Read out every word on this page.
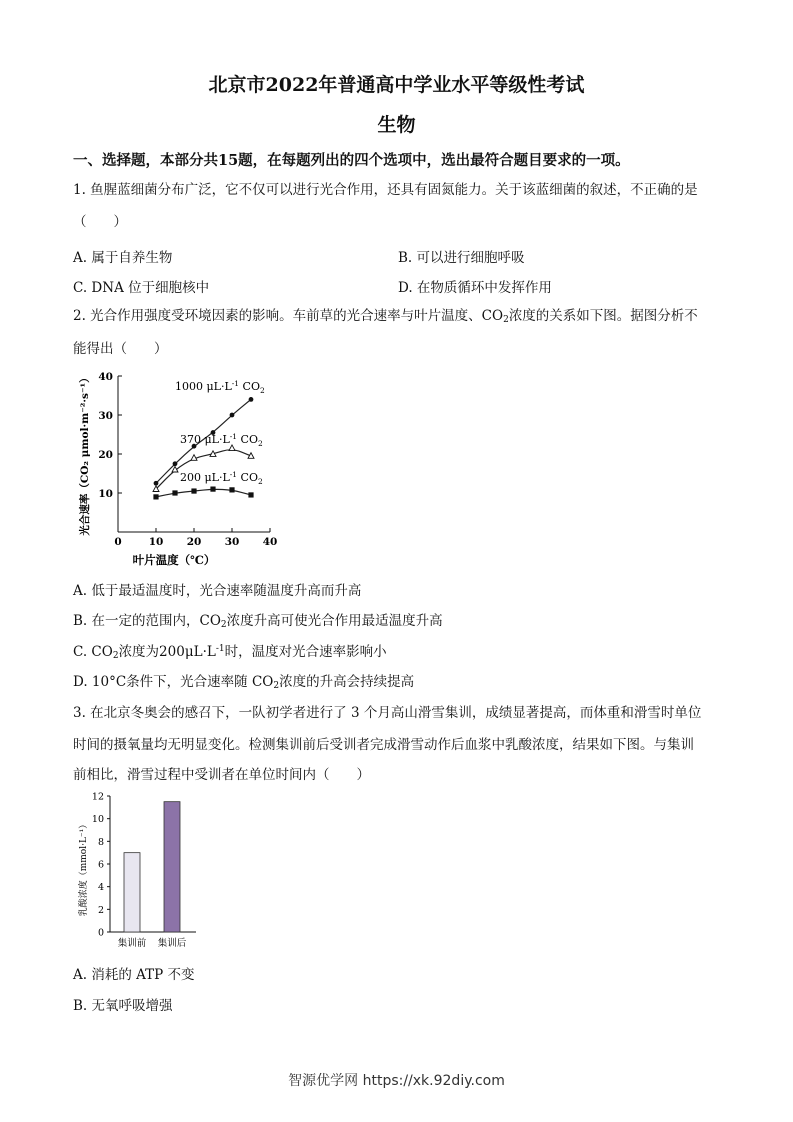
北京市2022年普通高中学业水平等级性考试
生物
一、选择题，本部分共15题，在每题列出的四个选项中，选出最符合题目要求的一项。
1. 鱼腥蓝细菌分布广泛，它不仅可以进行光合作用，还具有固氮能力。关于该蓝细菌的叙述，不正确的是
（　　）
A. 属于自养生物	B. 可以进行细胞呼吸
C. DNA 位于细胞核中	D. 在物质循环中发挥作用
2. 光合作用强度受环境因素的影响。车前草的光合速率与叶片温度、$CO_2$浓度的关系如下图。据图分析不
能得出（　　）
0	10 20 30 40
10
20
30
40
1000 $\mu L\cdot L^{-1}$ $CO_2$
370 $\mu L\cdot L^{-1}$ $CO_2$
200 $\mu L\cdot L^{-1}$ $CO_2$
叶片温度（℃）
光合速率（CO₂ μmol·m⁻²·s⁻¹）
A. 低于最适温度时，光合速率随温度升高而升高
B. 在一定的范围内，$CO_2$浓度升高可使光合作用最适温度升高
C. $CO_2$浓度为$200\mu L\cdot L^{-1}$时，温度对光合速率影响小
D. 10°C条件下，光合速率随 $CO_2$浓度的升高会持续提高
3. 在北京冬奥会的感召下，一队初学者进行了 3 个月高山滑雪集训，成绩显著提高，而体重和滑雪时单位
时间的摄氧量均无明显变化。检测集训前后受训者完成滑雪动作后血浆中乳酸浓度，结果如下图。与集训
前相比，滑雪过程中受训者在单位时间内（　　）
0
2
4
6
8
10
12
集训前 集训后
乳酸浓度（mmol·L⁻¹）
A. 消耗的 ATP 不变
B. 无氧呼吸增强
智源优学网 https://xk.92diy.com
